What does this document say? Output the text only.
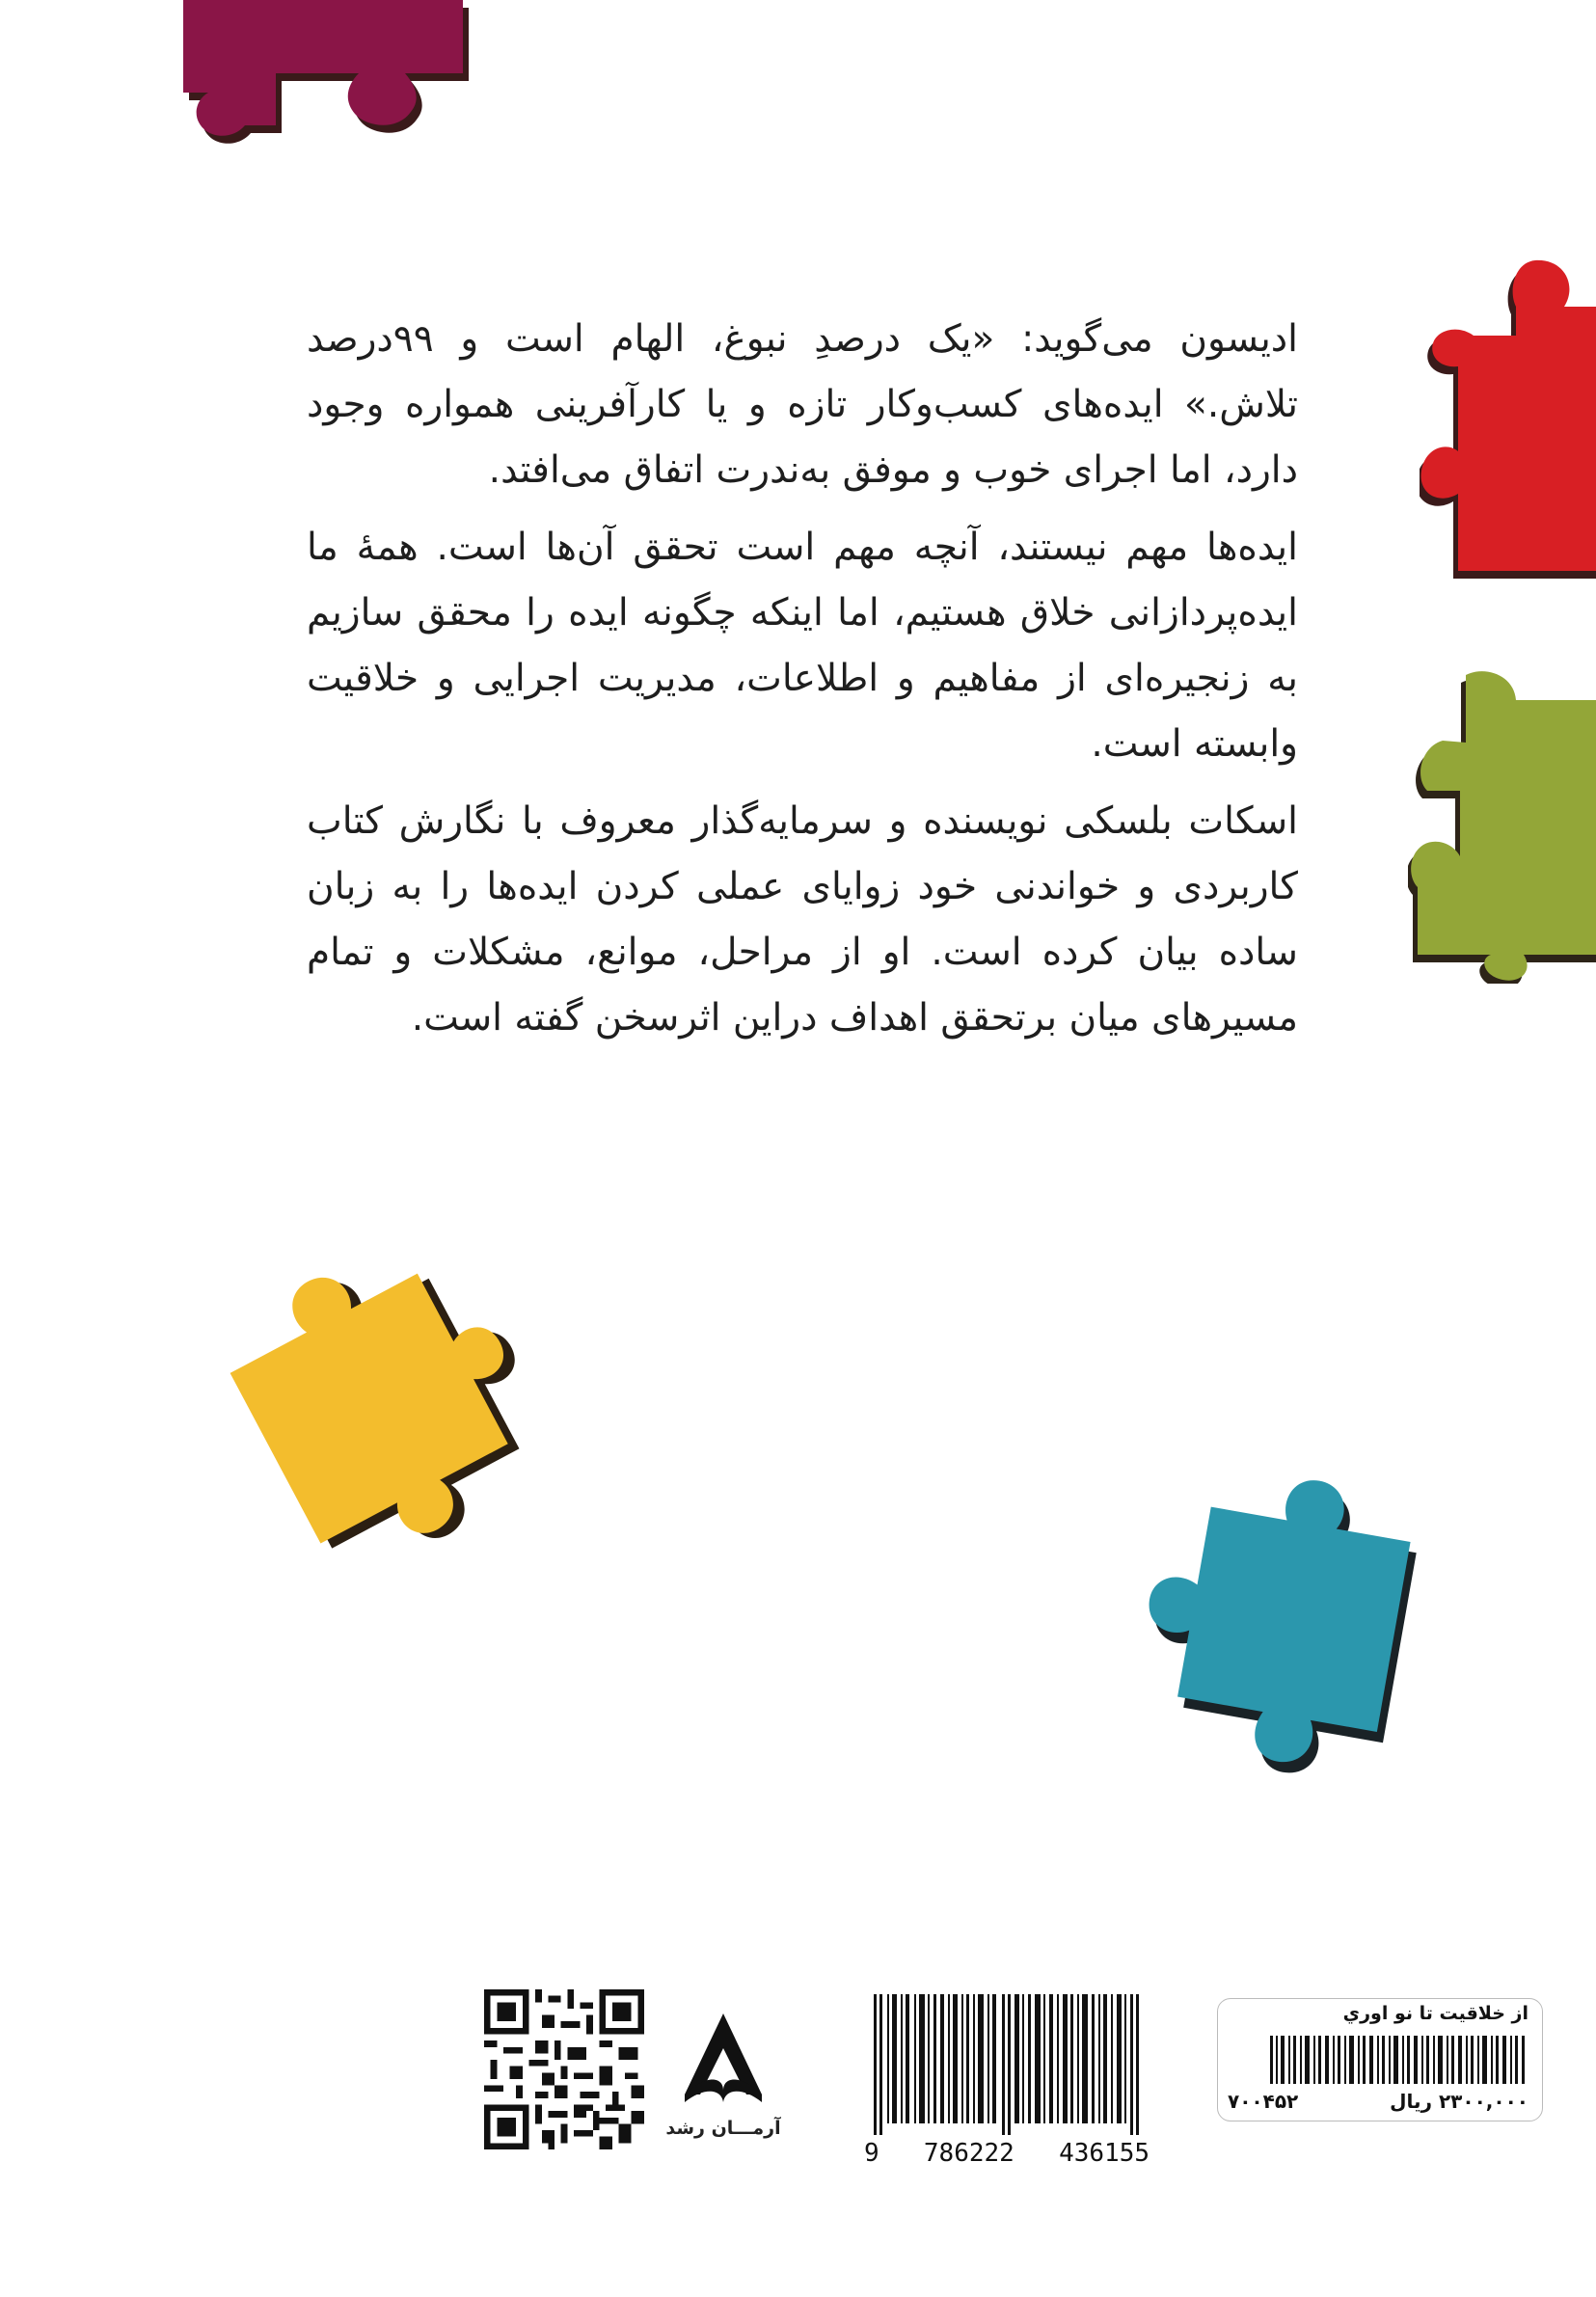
ادیسون می‌گوید: «یک درصدِ نبوغ، الهام است و ۹۹درصد تلاش.» ایده‌های کسب‌وکار تازه و یا کارآفرینی همواره وجود دارد، اما اجرای خوب و موفق به‌ندرت اتفاق می‌افتد.

ایده‌ها مهم نیستند، آنچه مهم است تحقق آن‌ها است. همهٔ ما ایده‌پردازانی خلاق هستیم، اما اینکه چگونه ایده را محقق سازیم به زنجیره‌ای از مفاهیم و اطلاعات، مدیریت اجرایی و خلاقیت وابسته است.

اسکات بلسکی نویسنده و سرمایه‌گذار معروف با نگارش کتاب کاربردی و خواندنی خود زوایای عملی کردن ایده‌ها را به زبان ساده بیان کرده است. او از مراحل، موانع، مشکلات و تمام مسیرهای میان برتحقق اهداف دراین اثرسخن گفته است.

آرمـــان رشد
9 786222 436155
از خلاقيت تا نو اوري
۲۳۰۰,۰۰۰ ريال
۷۰۰۴۵۲
